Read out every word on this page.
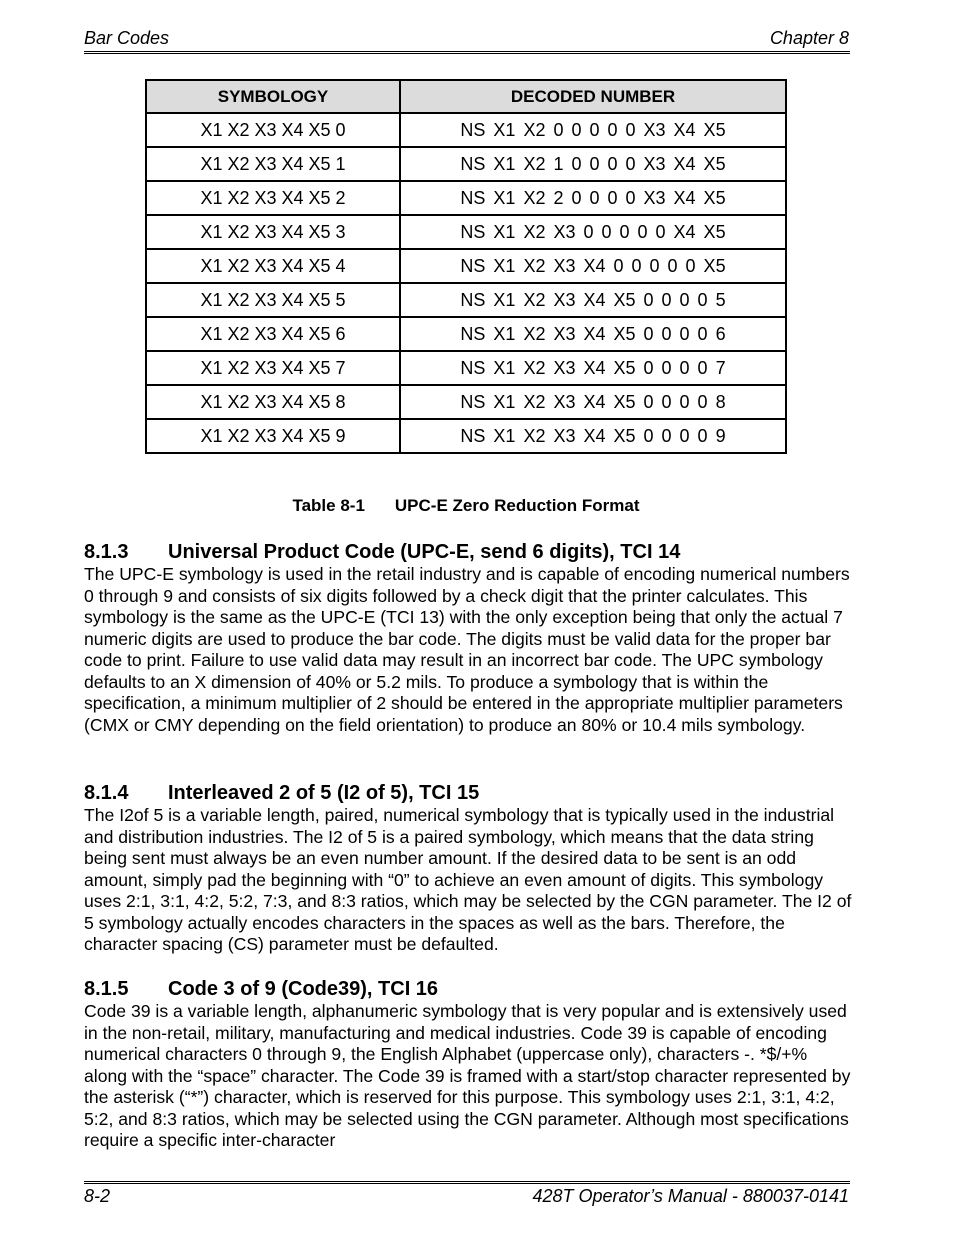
Bar Codes	Chapter 8
SYMBOLOGY	DECODED NUMBER
X1 X2 X3 X4 X5 0	NS X1 X2 0 0 0 0 0 X3 X4 X5
X1 X2 X3 X4 X5 1	NS X1 X2 1 0 0 0 0 X3 X4 X5
X1 X2 X3 X4 X5 2	NS X1 X2 2 0 0 0 0 X3 X4 X5
X1 X2 X3 X4 X5 3	NS X1 X2 X3 0 0 0 0 0 X4 X5
X1 X2 X3 X4 X5 4	NS X1 X2 X3 X4 0 0 0 0 0 X5
X1 X2 X3 X4 X5 5	NS X1 X2 X3 X4 X5 0 0 0 0 5
X1 X2 X3 X4 X5 6	NS X1 X2 X3 X4 X5 0 0 0 0 6
X1 X2 X3 X4 X5 7	NS X1 X2 X3 X4 X5 0 0 0 0 7
X1 X2 X3 X4 X5 8	NS X1 X2 X3 X4 X5 0 0 0 0 8
X1 X2 X3 X4 X5 9	NS X1 X2 X3 X4 X5 0 0 0 0 9
Table 8-1 UPC-E Zero Reduction Format
8.1.3 Universal Product Code (UPC-E, send 6 digits), TCI 14

The UPC-E symbology is used in the retail industry and is capable of encoding numerical numbers 0 through 9 and consists of six digits followed by a check digit that the printer calculates. This symbology is the same as the UPC-E (TCI 13) with the only exception being that only the actual 7 numeric digits are used to produce the bar code. The digits must be valid data for the proper bar code to print. Failure to use valid data may result in an incorrect bar code. The UPC symbology defaults to an X dimension of 40% or 5.2 mils. To produce a symbology that is within the specification, a minimum multiplier of 2 should be entered in the appropriate multiplier parameters (CMX or CMY depending on the field orientation) to produce an 80% or 10.4 mils symbology.

8.1.4 Interleaved 2 of 5 (I2 of 5), TCI 15

The I2of 5 is a variable length, paired, numerical symbology that is typically used in the industrial and distribution industries. The I2 of 5 is a paired symbology, which means that the data string being sent must always be an even number amount. If the desired data to be sent is an odd amount, simply pad the beginning with “0” to achieve an even amount of digits. This symbology uses 2:1, 3:1, 4:2, 5:2, 7:3, and 8:3 ratios, which may be selected by the CGN parameter. The I2 of 5 symbology actually encodes characters in the spaces as well as the bars. Therefore, the character spacing (CS) parameter must be defaulted.

8.1.5 Code 3 of 9 (Code39), TCI 16

Code 39 is a variable length, alphanumeric symbology that is very popular and is extensively used in the non-retail, military, manufacturing and medical industries. Code 39 is capable of encoding numerical characters 0 through 9, the English Alphabet (uppercase only), characters -. *$/+% along with the “space” character. The Code 39 is framed with a start/stop character represented by the asterisk (“*”) character, which is reserved for this purpose. This symbology uses 2:1, 3:1, 4:2, 5:2, and 8:3 ratios, which may be selected using the CGN parameter. Although most specifications require a specific inter-character

8-2	428T Operator’s Manual - 880037-0141
